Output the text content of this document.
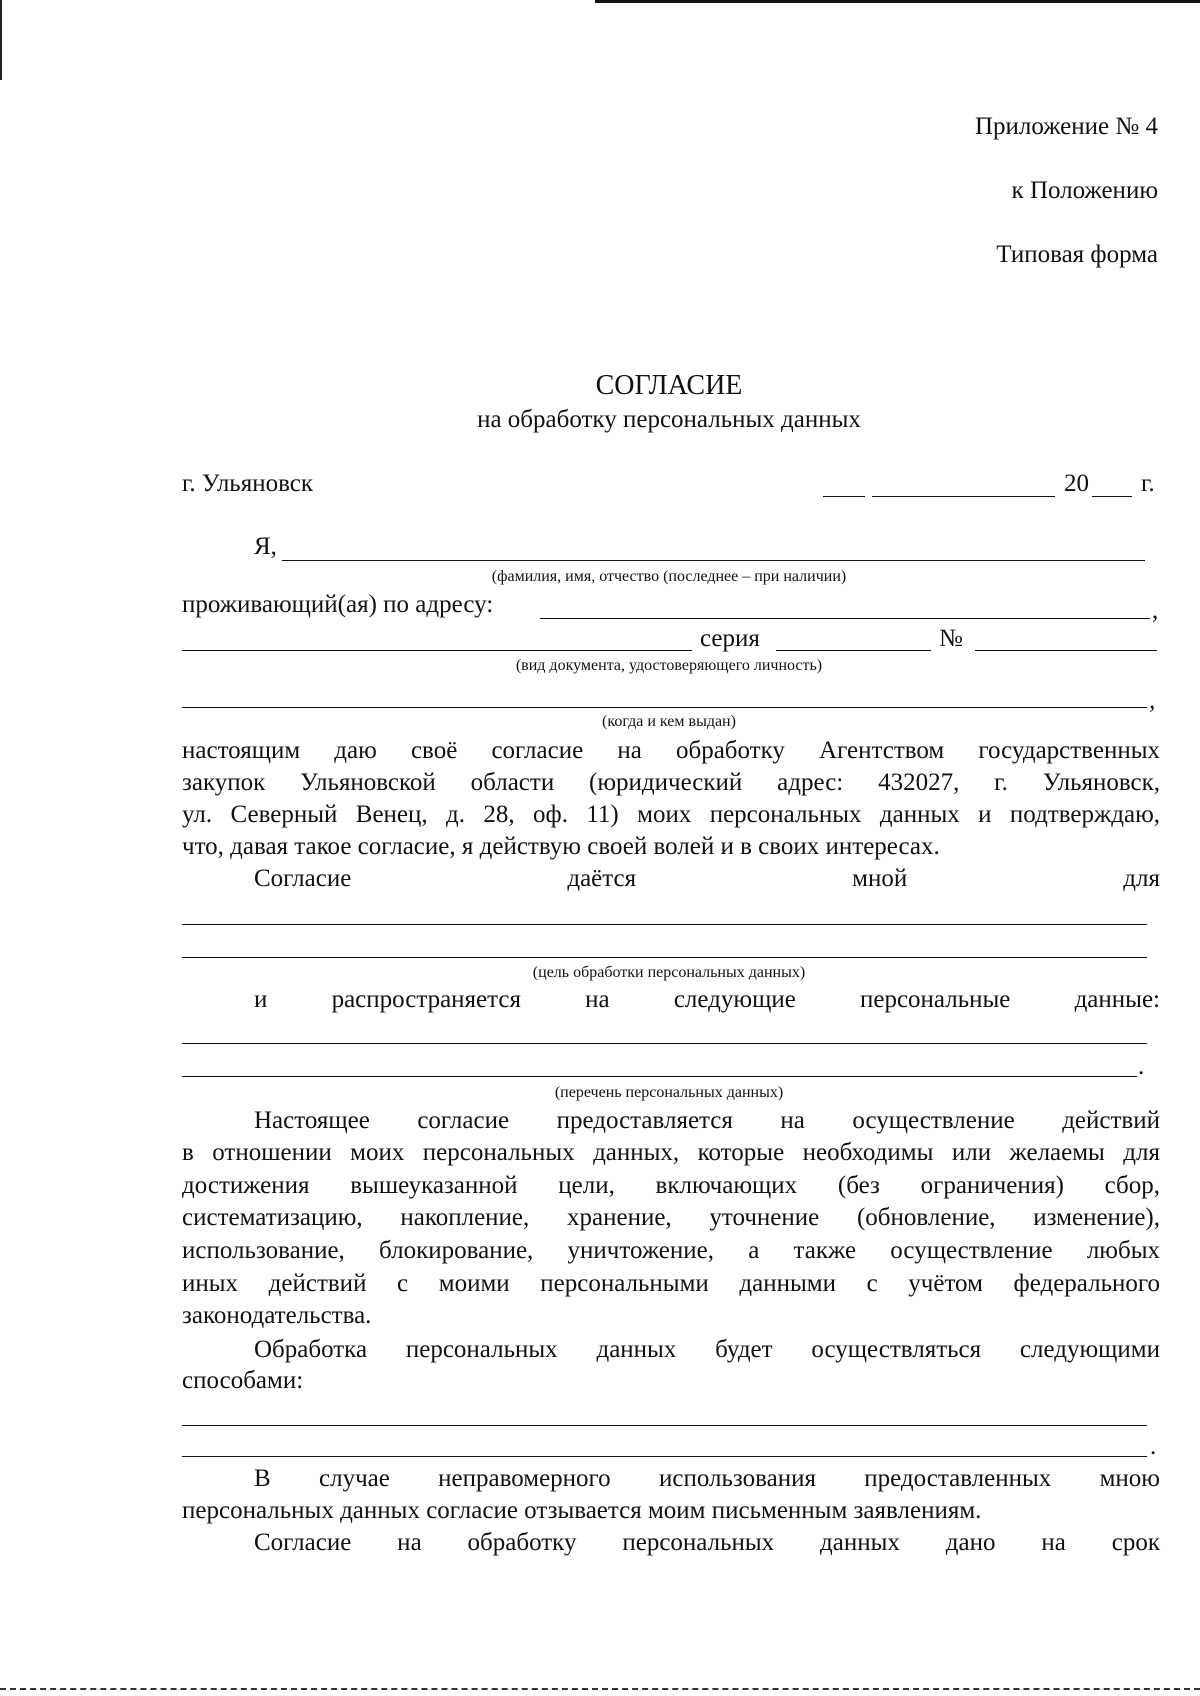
Приложение № 4
к Положению
Типовая форма
СОГЛАСИЕ
на обработку персональных данных
г. Ульяновск	20 г.
Я,
(фамилия, имя, отчество (последнее – при наличии)
проживающий(ая) по адресу:	,
серия	№
(вид документа, удостоверяющего личность)
,
(когда и кем выдан)
настоящим даю своё согласие на обработку Агентством государственных
закупок Ульяновской области (юридический адрес: 432027, г. Ульяновск,
ул. Северный Венец, д. 28, оф. 11) моих персональных данных и подтверждаю,
что, давая такое согласие, я действую своей волей и в своих интересах.
Согласие даётся мной для
(цель обработки персональных данных)
и распространяется на следующие персональные данные:
.
(перечень персональных данных)
Настоящее согласие предоставляется на осуществление действий
в отношении моих персональных данных, которые необходимы или желаемы для
достижения вышеуказанной цели, включающих (без ограничения) сбор,
систематизацию, накопление, хранение, уточнение (обновление, изменение),
использование, блокирование, уничтожение, а также осуществление любых
иных действий с моими персональными данными с учётом федерального
законодательства.
Обработка персональных данных будет осуществляться следующими
способами:
.
В случае неправомерного использования предоставленных мною
персональных данных согласие отзывается моим письменным заявлениям.
Согласие на обработку персональных данных дано на срок
